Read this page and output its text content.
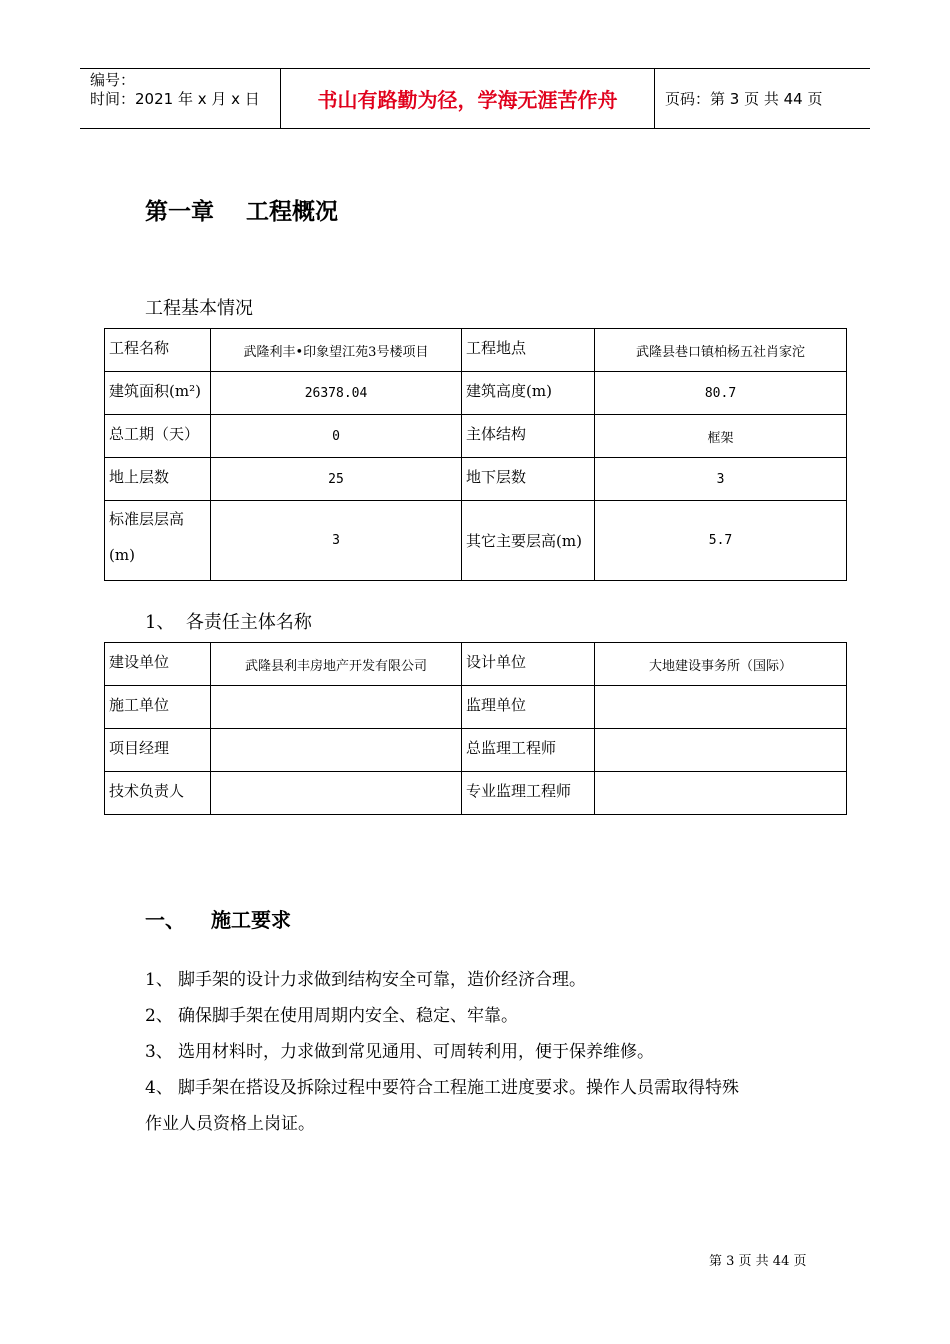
编号：
时间：2021 年 x 月 x 日	书山有路勤为径，学海无涯苦作舟	页码：第 3 页 共 44 页
第一章    工程概况
工程基本情况
工程名称	武隆利丰•印象望江苑3号楼项目	工程地点	武隆县巷口镇柏杨五社肖家沱
建筑面积(m²)	26378.04	建筑高度(m)	80.7
总工期（天）	0	主体结构	框架
地上层数	25	地下层数	3
标准层层高(m)	3	其它主要层高(m)	5.7
1、  各责任主体名称
建设单位	武隆县利丰房地产开发有限公司	设计单位	大地建设事务所（国际）
施工单位		监理单位	
项目经理		总监理工程师	
技术负责人		专业监理工程师	
一、	施工要求
1、 脚手架的设计力求做到结构安全可靠，造价经济合理。
2、 确保脚手架在使用周期内安全、稳定、牢靠。
3、 选用材料时，力求做到常见通用、可周转利用，便于保养维修。
4、 脚手架在搭设及拆除过程中要符合工程施工进度要求。操作人员需取得特殊
作业人员资格上岗证。
第 3 页 共 44 页
